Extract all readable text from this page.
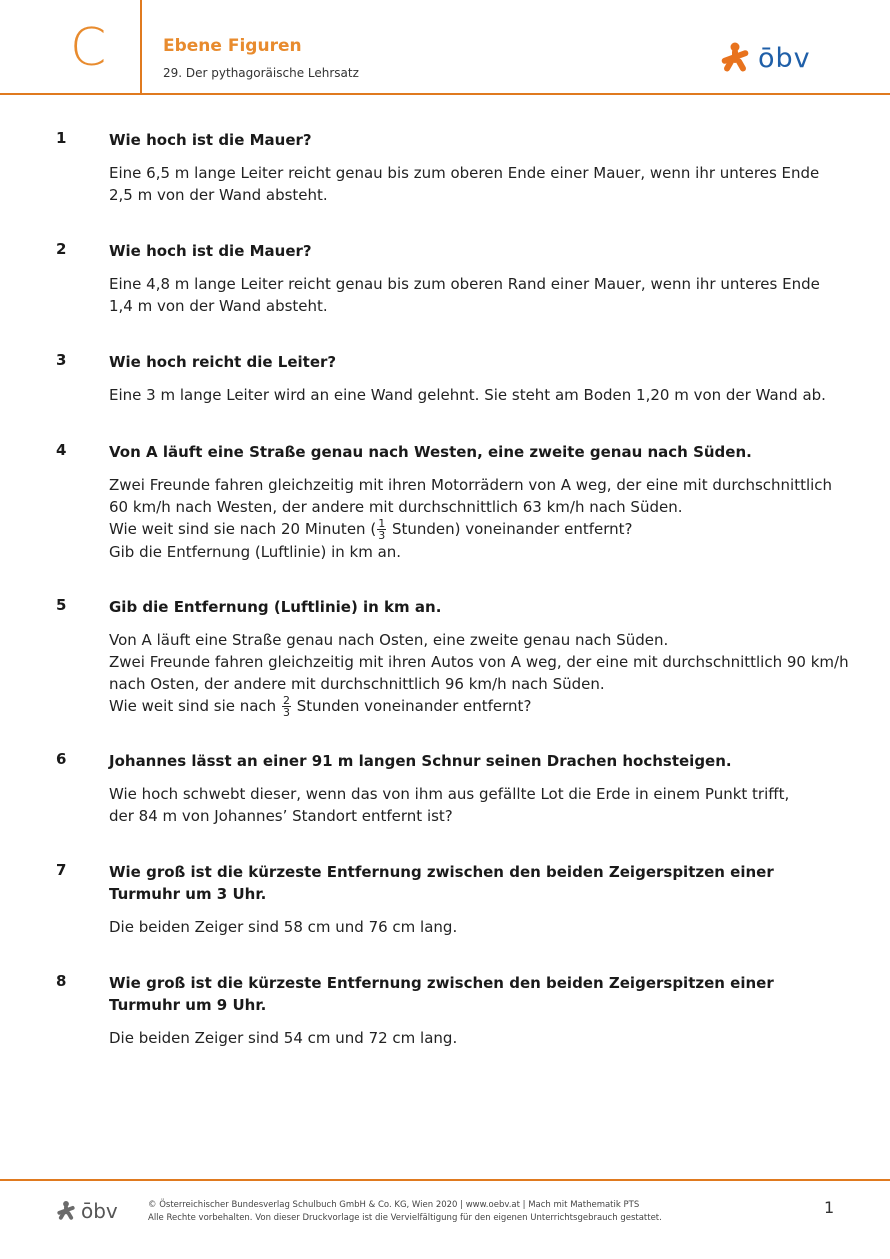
C	Ebene Figuren
29. Der pythagoräische Lehrsatz	ōbv
1	Wie hoch ist die Mauer?
Eine 6,5 m lange Leiter reicht genau bis zum oberen Ende einer Mauer, wenn ihr unteres Ende
2,5 m von der Wand absteht.
2	Wie hoch ist die Mauer?
Eine 4,8 m lange Leiter reicht genau bis zum oberen Rand einer Mauer, wenn ihr unteres Ende
1,4 m von der Wand absteht.
3	Wie hoch reicht die Leiter?
Eine 3 m lange Leiter wird an eine Wand gelehnt. Sie steht am Boden 1,20 m von der Wand ab.
4	Von A läuft eine Straße genau nach Westen, eine zweite genau nach Süden.
Zwei Freunde fahren gleichzeitig mit ihren Motorrädern von A weg, der eine mit durchschnittlich
60 km/h nach Westen, der andere mit durchschnittlich 63 km/h nach Süden.
Wie weit sind sie nach 20 Minuten ( $\frac{1}{3}$ Stunden) voneinander entfernt?
Gib die Entfernung (Luftlinie) in km an.
5	Gib die Entfernung (Luftlinie) in km an.
Von A läuft eine Straße genau nach Osten, eine zweite genau nach Süden.
Zwei Freunde fahren gleichzeitig mit ihren Autos von A weg, der eine mit durchschnittlich 90 km/h
nach Osten, der andere mit durchschnittlich 96 km/h nach Süden.
Wie weit sind sie nach $\frac{2}{3}$ Stunden voneinander entfernt?
6	Johannes lässt an einer 91 m langen Schnur seinen Drachen hochsteigen.
Wie hoch schwebt dieser, wenn das von ihm aus gefällte Lot die Erde in einem Punkt trifft,
der 84 m von Johannes’ Standort entfernt ist?
7	Wie groß ist die kürzeste Entfernung zwischen den beiden Zeigerspitzen einer Turmuhr um 3 Uhr.
Die beiden Zeiger sind 58 cm und 76 cm lang.
8	Wie groß ist die kürzeste Entfernung zwischen den beiden Zeigerspitzen einer Turmuhr um 9 Uhr.
Die beiden Zeiger sind 54 cm und 72 cm lang.
ōbv	© Österreichischer Bundesverlag Schulbuch GmbH & Co. KG, Wien 2020 | www.oebv.at | Mach mit Mathematik PTS
Alle Rechte vorbehalten. Von dieser Druckvorlage ist die Vervielfältigung für den eigenen Unterrichtsgebrauch gestattet.
1
